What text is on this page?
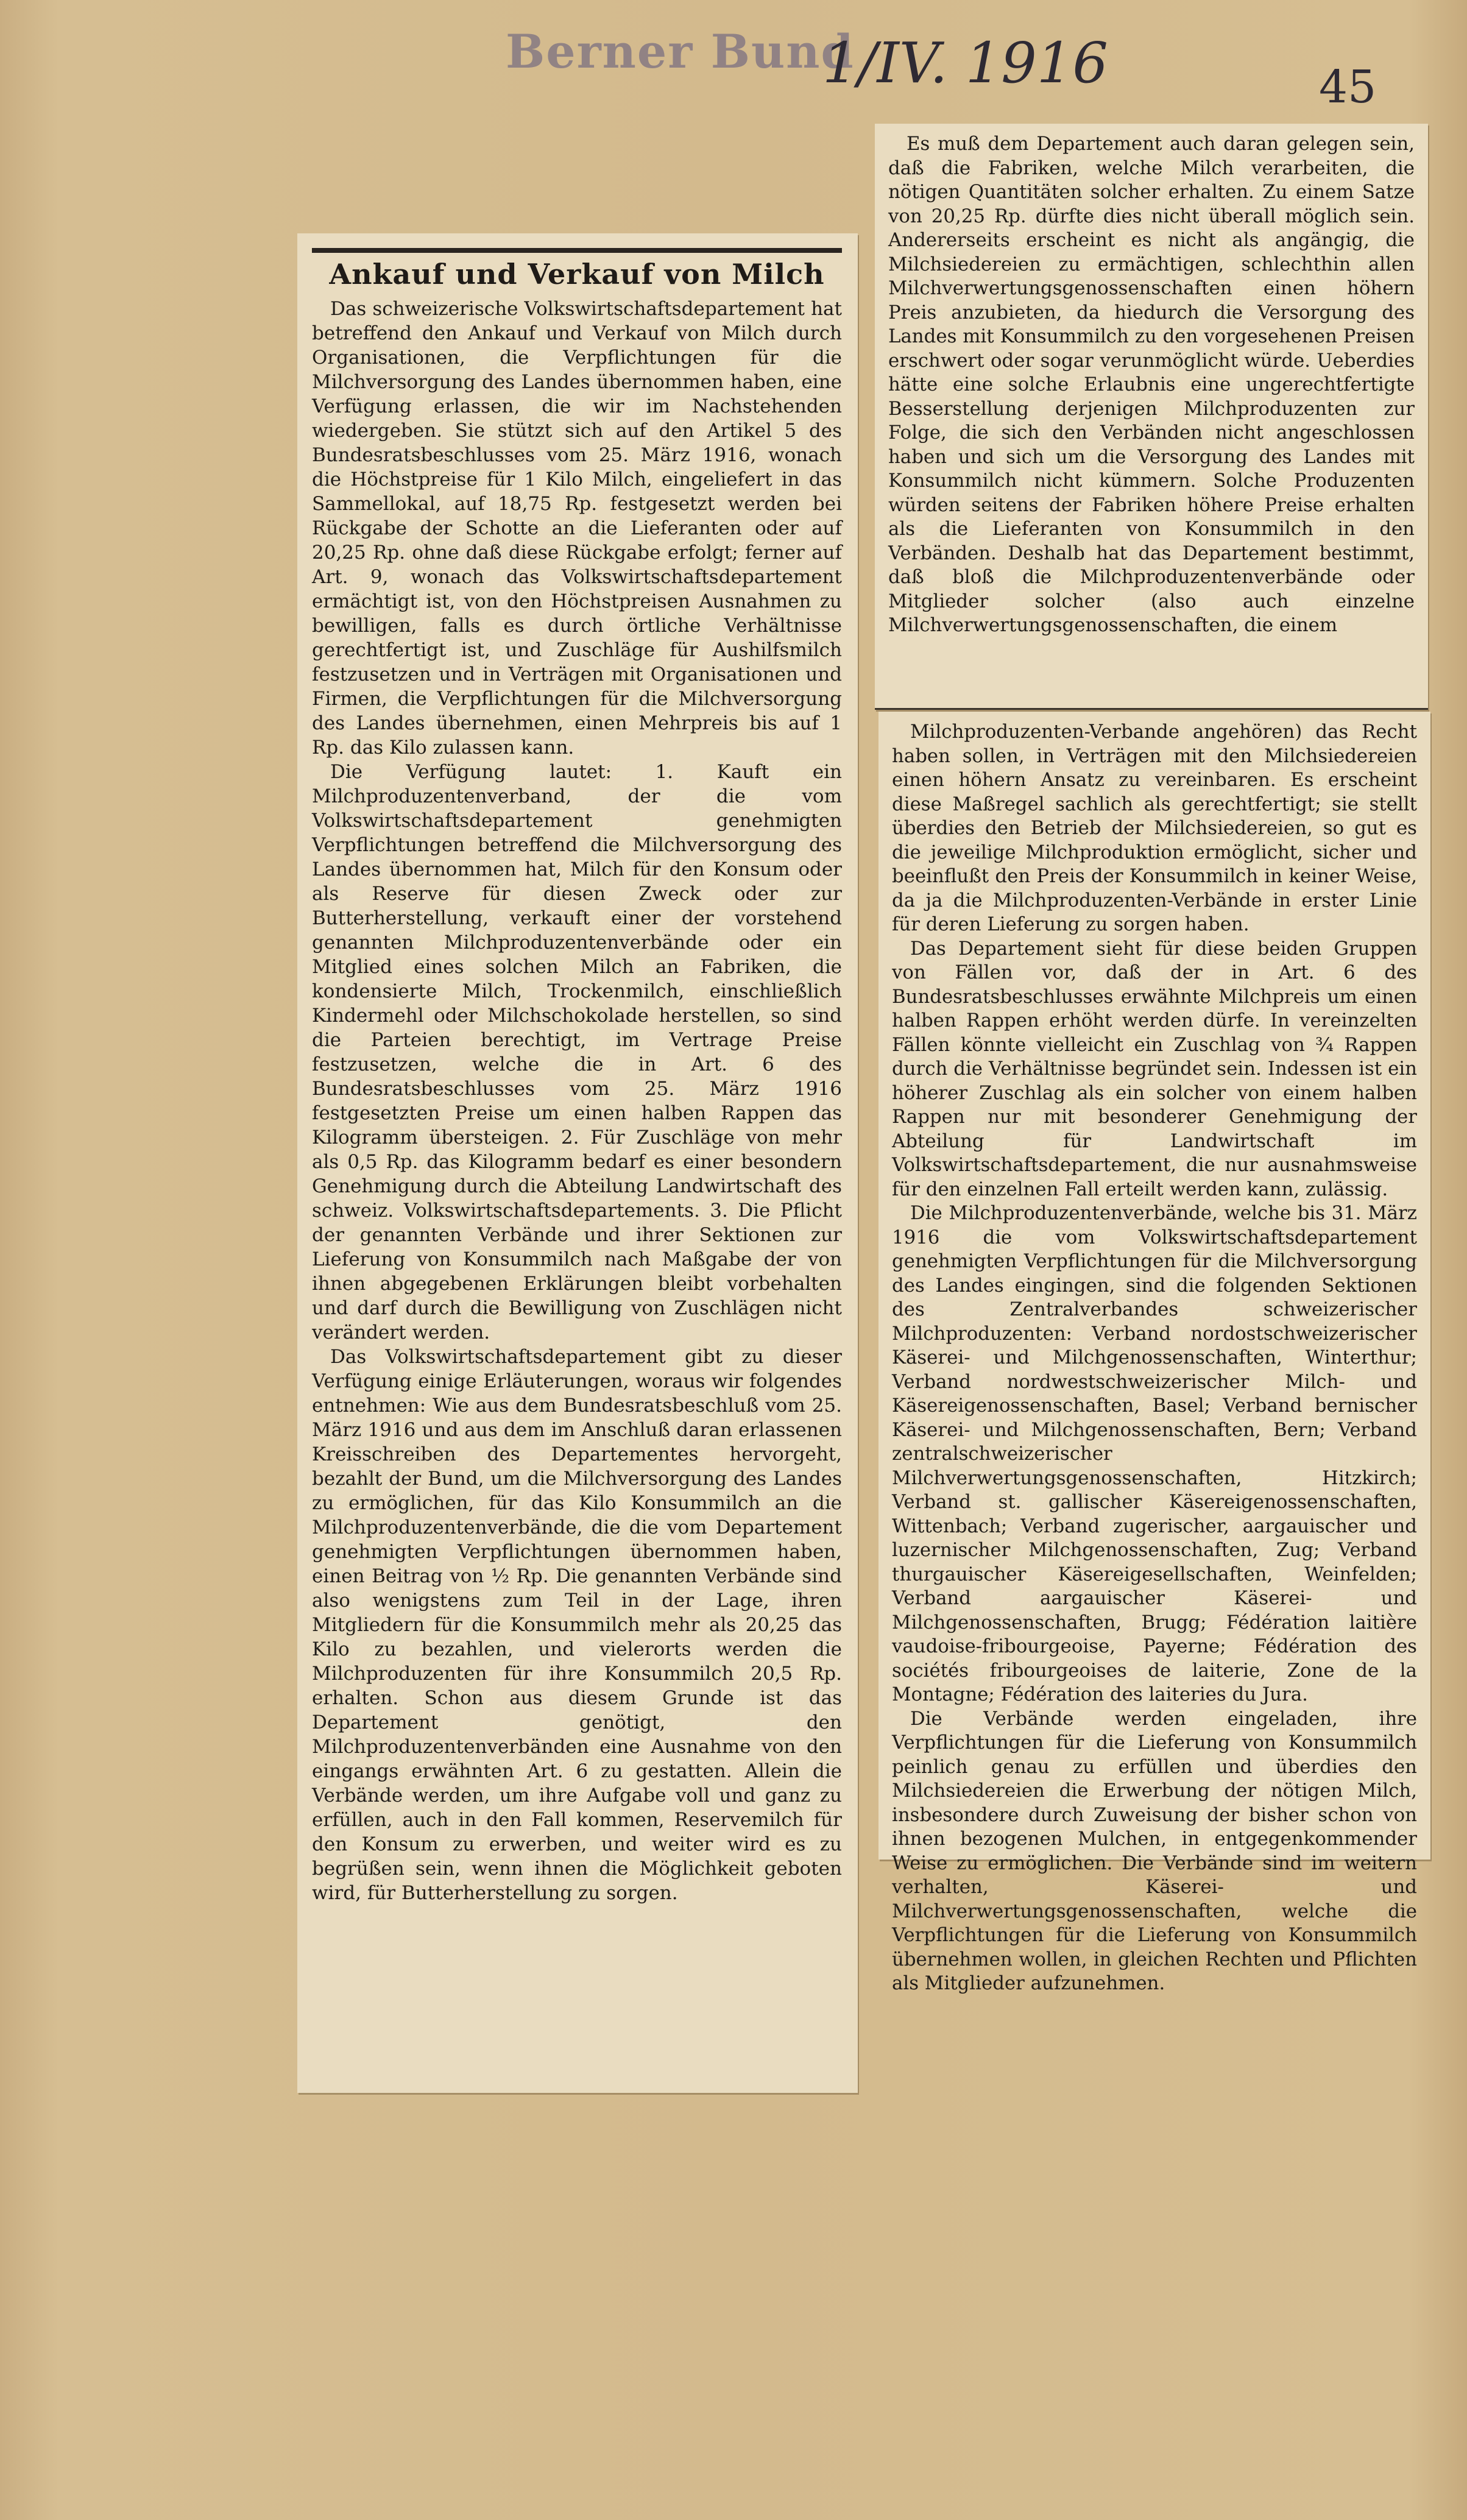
Berner Bund
1/IV. 1916	45
Ankauf und Verkauf von Milch

Das schweizerische Volkswirtschaftsdepartement hat betreffend den Ankauf und Verkauf von Milch durch Organisationen, die Verpflichtungen für die Milchversorgung des Landes übernommen haben, eine Verfügung erlassen, die wir im Nachstehenden wiedergeben. Sie stützt sich auf den Artikel 5 des Bundesratsbeschlusses vom 25. März 1916, wonach die Höchstpreise für 1 Kilo Milch, eingeliefert in das Sammellokal, auf 18,75 Rp. festgesetzt werden bei Rückgabe der Schotte an die Lieferanten oder auf 20,25 Rp. ohne daß diese Rückgabe erfolgt; ferner auf Art. 9, wonach das Volkswirtschaftsdepartement ermächtigt ist, von den Höchstpreisen Ausnahmen zu bewilligen, falls es durch örtliche Verhältnisse gerechtfertigt ist, und Zuschläge für Aushilfsmilch festzusetzen und in Verträgen mit Organisationen und Firmen, die Verpflichtungen für die Milchversorgung des Landes übernehmen, einen Mehrpreis bis auf 1 Rp. das Kilo zulassen kann.

Die Verfügung lautet: 1. Kauft ein Milchproduzentenverband, der die vom Volkswirtschaftsdepartement genehmigten Verpflichtungen betreffend die Milchversorgung des Landes übernommen hat, Milch für den Konsum oder als Reserve für diesen Zweck oder zur Butterherstellung, verkauft einer der vorstehend genannten Milchproduzentenverbände oder ein Mitglied eines solchen Milch an Fabriken, die kondensierte Milch, Trockenmilch, einschließlich Kindermehl oder Milchschokolade herstellen, so sind die Parteien berechtigt, im Vertrage Preise festzusetzen, welche die in Art. 6 des Bundesratsbeschlusses vom 25. März 1916 festgesetzten Preise um einen halben Rappen das Kilogramm übersteigen. 2. Für Zuschläge von mehr als 0,5 Rp. das Kilogramm bedarf es einer besondern Genehmigung durch die Abteilung Landwirtschaft des schweiz. Volkswirtschaftsdepartements. 3. Die Pflicht der genannten Verbände und ihrer Sektionen zur Lieferung von Konsummilch nach Maßgabe der von ihnen abgegebenen Erklärungen bleibt vorbehalten und darf durch die Bewilligung von Zuschlägen nicht verändert werden.

Das Volkswirtschaftsdepartement gibt zu dieser Verfügung einige Erläuterungen, woraus wir folgendes entnehmen: Wie aus dem Bundesratsbeschluß vom 25. März 1916 und aus dem im Anschluß daran erlassenen Kreisschreiben des Departementes hervorgeht, bezahlt der Bund, um die Milchversorgung des Landes zu ermöglichen, für das Kilo Konsummilch an die Milchproduzentenverbände, die die vom Departement genehmigten Verpflichtungen übernommen haben, einen Beitrag von ½ Rp. Die genannten Verbände sind also wenigstens zum Teil in der Lage, ihren Mitgliedern für die Konsummilch mehr als 20,25 das Kilo zu bezahlen, und vielerorts werden die Milchproduzenten für ihre Konsummilch 20,5 Rp. erhalten. Schon aus diesem Grunde ist das Departement genötigt, den Milchproduzentenverbänden eine Ausnahme von den eingangs erwähnten Art. 6 zu gestatten. Allein die Verbände werden, um ihre Aufgabe voll und ganz zu erfüllen, auch in den Fall kommen, Reservemilch für den Konsum zu erwerben, und weiter wird es zu begrüßen sein, wenn ihnen die Möglichkeit geboten wird, für Butterherstellung zu sorgen.

Es muß dem Departement auch daran gelegen sein, daß die Fabriken, welche Milch verarbeiten, die nötigen Quantitäten solcher erhalten. Zu einem Satze von 20,25 Rp. dürfte dies nicht überall möglich sein. Andererseits erscheint es nicht als angängig, die Milchsiedereien zu ermächtigen, schlechthin allen Milchverwertungsgenossenschaften einen höhern Preis anzubieten, da hiedurch die Versorgung des Landes mit Konsummilch zu den vorgesehenen Preisen erschwert oder sogar verunmöglicht würde. Ueberdies hätte eine solche Erlaubnis eine ungerechtfertigte Besserstellung derjenigen Milchproduzenten zur Folge, die sich den Verbänden nicht angeschlossen haben und sich um die Versorgung des Landes mit Konsummilch nicht kümmern. Solche Produzenten würden seitens der Fabriken höhere Preise erhalten als die Lieferanten von Konsummilch in den Verbänden. Deshalb hat das Departement bestimmt, daß bloß die Milchproduzentenverbände oder Mitglieder solcher (also auch einzelne Milchverwertungsgenossenschaften, die einem

Milchproduzenten-Verbande angehören) das Recht haben sollen, in Verträgen mit den Milchsiedereien einen höhern Ansatz zu vereinbaren. Es erscheint diese Maßregel sachlich als gerechtfertigt; sie stellt überdies den Betrieb der Milchsiedereien, so gut es die jeweilige Milchproduktion ermöglicht, sicher und beeinflußt den Preis der Konsummilch in keiner Weise, da ja die Milchproduzenten-Verbände in erster Linie für deren Lieferung zu sorgen haben.

Das Departement sieht für diese beiden Gruppen von Fällen vor, daß der in Art. 6 des Bundesratsbeschlusses erwähnte Milchpreis um einen halben Rappen erhöht werden dürfe. In vereinzelten Fällen könnte vielleicht ein Zuschlag von ¾ Rappen durch die Verhältnisse begründet sein. Indessen ist ein höherer Zuschlag als ein solcher von einem halben Rappen nur mit besonderer Genehmigung der Abteilung für Landwirtschaft im Volkswirtschaftsdepartement, die nur ausnahmsweise für den einzelnen Fall erteilt werden kann, zulässig.

Die Milchproduzentenverbände, welche bis 31. März 1916 die vom Volkswirtschaftsdepartement genehmigten Verpflichtungen für die Milchversorgung des Landes eingingen, sind die folgenden Sektionen des Zentralverbandes schweizerischer Milchproduzenten: Verband nordostschweizerischer Käserei- und Milchgenossenschaften, Winterthur; Verband nordwestschweizerischer Milch- und Käsereigenossenschaften, Basel; Verband bernischer Käserei- und Milchgenossenschaften, Bern; Verband zentralschweizerischer Milchverwertungsgenossenschaften, Hitzkirch; Verband st. gallischer Käsereigenossenschaften, Wittenbach; Verband zugerischer, aargauischer und luzernischer Milchgenossenschaften, Zug; Verband thurgauischer Käsereigesellschaften, Weinfelden; Verband aargauischer Käserei- und Milchgenossenschaften, Brugg; Fédération laitière vaudoise-fribourgeoise, Payerne; Fédération des sociétés fribourgeoises de laiterie, Zone de la Montagne; Fédération des laiteries du Jura.

Die Verbände werden eingeladen, ihre Verpflichtungen für die Lieferung von Konsummilch peinlich genau zu erfüllen und überdies den Milchsiedereien die Erwerbung der nötigen Milch, insbesondere durch Zuweisung der bisher schon von ihnen bezogenen Mulchen, in entgegenkommender Weise zu ermöglichen. Die Verbände sind im weitern verhalten, Käserei- und Milchverwertungsgenossenschaften, welche die Verpflichtungen für die Lieferung von Konsummilch übernehmen wollen, in gleichen Rechten und Pflichten als Mitglieder aufzunehmen.
